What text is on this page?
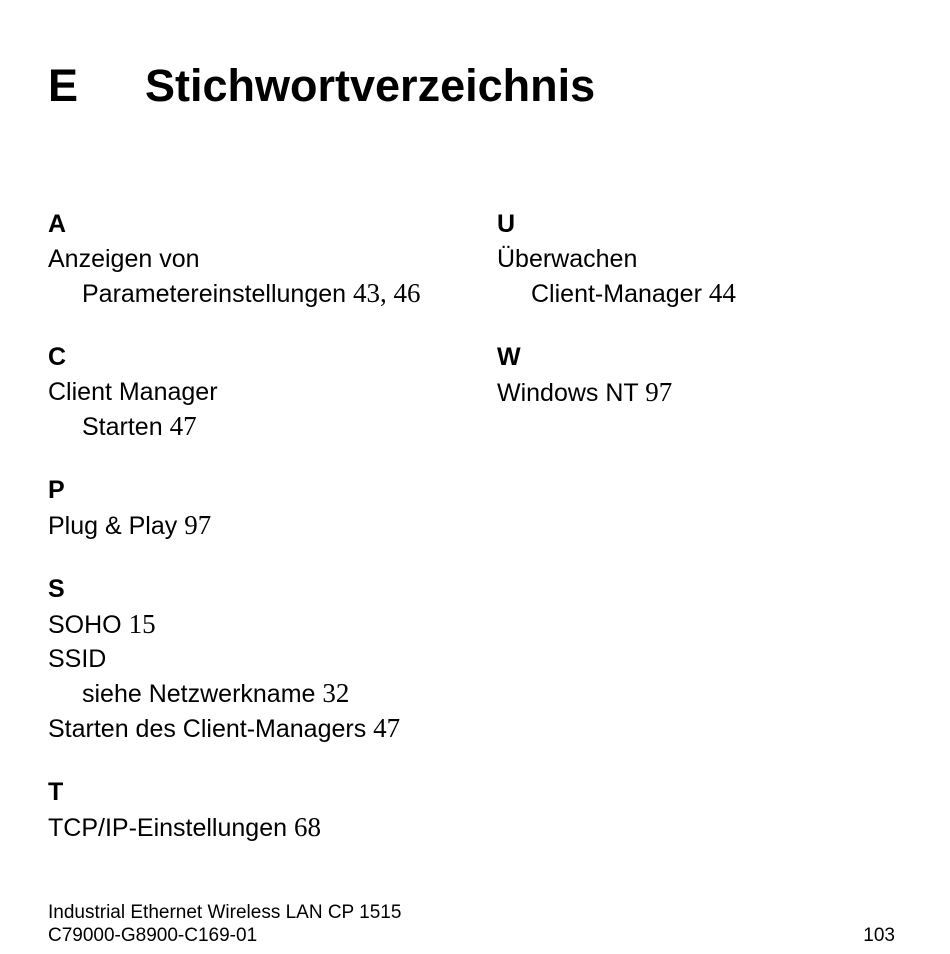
E Stichwortverzeichnis
A
Anzeigen von
Parametereinstellungen 43, 46
C
Client Manager
Starten 47
P
Plug & Play 97
S
SOHO 15
SSID
siehe Netzwerkname 32
Starten des Client-Managers 47
T
TCP/IP-Einstellungen 68
U
Überwachen
Client-Manager 44
W
Windows NT 97
Industrial Ethernet Wireless LAN CP 1515
C79000-G8900-C169-01	103
